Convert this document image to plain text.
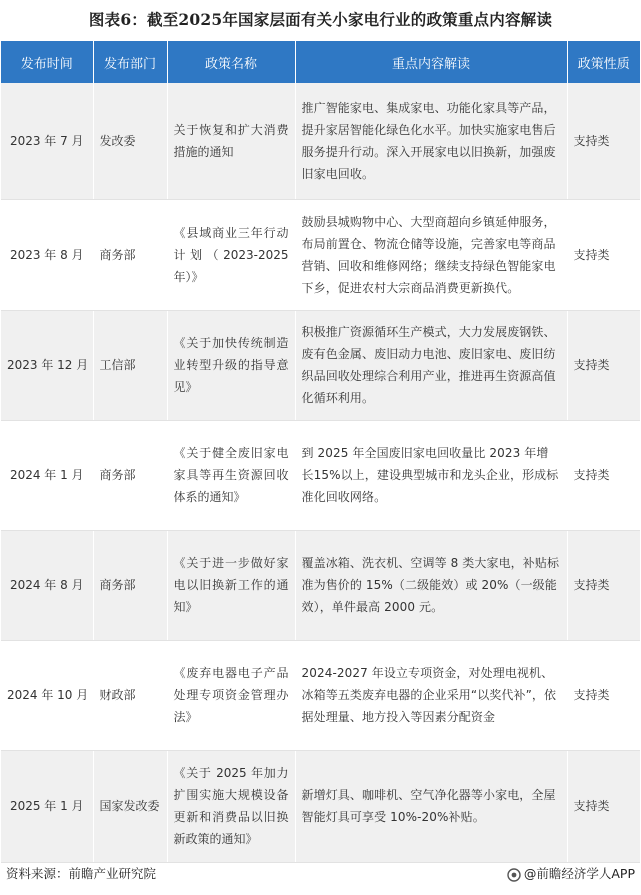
图表6：截至2025年国家层面有关小家电行业的政策重点内容解读
发布时间	发布部门	政策名称	重点内容解读	政策性质
2023 年 7 月	发改委	关于恢复和扩大消费措施的通知	推广智能家电、集成家电、功能化家具等产品，提升家居智能化绿色化水平。加快实施家电售后服务提升行动。深入开展家电以旧换新，加强废旧家电回收。	支持类
2023 年 8 月	商务部	《县域商业三年行动计划（2023-2025年）》	鼓励县城购物中心、大型商超向乡镇延伸服务，布局前置仓、物流仓储等设施，完善家电等商品营销、回收和维修网络；继续支持绿色智能家电下乡，促进农村大宗商品消费更新换代。	支持类
2023 年 12 月	工信部	《关于加快传统制造业转型升级的指导意见》	积极推广资源循环生产模式，大力发展废钢铁、废有色金属、废旧动力电池、废旧家电、废旧纺织品回收处理综合利用产业，推进再生资源高值化循环利用。	支持类
2024 年 1 月	商务部	《关于健全废旧家电家具等再生资源回收体系的通知》	到 2025 年全国废旧家电回收量比 2023 年增长15%以上，建设典型城市和龙头企业，形成标准化回收网络。	支持类
2024 年 8 月	商务部	《关于进一步做好家电以旧换新工作的通知》	覆盖冰箱、洗衣机、空调等 8 类大家电，补贴标准为售价的 15%（二级能效）或 20%（一级能效），单件最高 2000 元。	支持类
2024 年 10 月	财政部	《废弃电器电子产品处理专项资金管理办法》	2024-2027 年设立专项资金，对处理电视机、冰箱等五类废弃电器的企业采用“以奖代补”，依据处理量、地方投入等因素分配资金	支持类
2025 年 1 月	国家发改委	《关于 2025 年加力扩围实施大规模设备更新和消费品以旧换新政策的通知》	新增灯具、咖啡机、空气净化器等小家电，全屋智能灯具可享受 10%-20%补贴。	支持类
资料来源：前瞻产业研究院	@前瞻经济学人APP
